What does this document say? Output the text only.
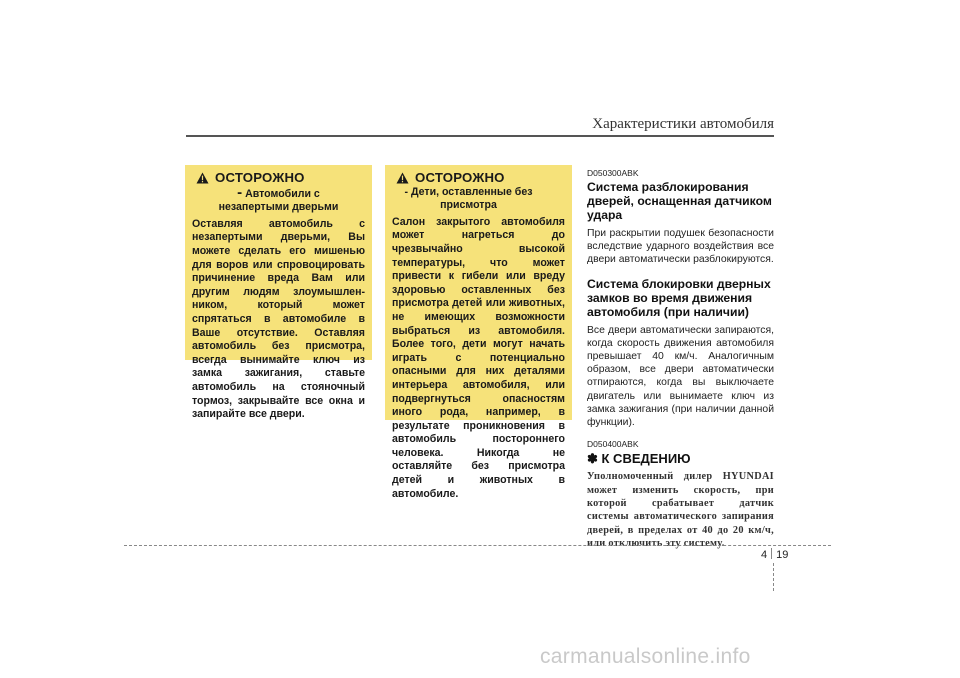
Характеристики автомобиля
ОСТОРОЖНО
- Автомобили с незапертыми дверьми
Оставляя автомобиль с незапертыми дверьми, Вы можете сделать его мишенью для воров или спровоцировать причинение вреда Вам или другим людям злоумышлен-ником, который может спрятаться в автомобиле в Ваше отсутствие. Оставляя автомобиль без присмотра, всегда вынимайте ключ из замка зажигания, ставьте автомобиль на стояночный тормоз, закрывайте все окна и запирайте все двери.
ОСТОРОЖНО
- Дети, оставленные без присмотра
Салон закрытого автомобиля может нагреться до чрезвычайно высокой температуры, что может привести к гибели или вреду здоровью оставленных без присмотра детей или животных, не имеющих возможности выбраться из автомобиля. Более того, дети могут начать играть с потенциально опасными для них деталями интерьера автомобиля, или подвергнуться опасностям иного рода, например, в результате проникновения в автомобиль постороннего человека. Никогда не оставляйте без присмотра детей и животных в автомобиле.
D050300ABK
Система разблокирования дверей, оснащенная датчиком удара
При раскрытии подушек безопасности вследствие ударного воздействия все двери автоматически разблокируются.
Система блокировки дверных замков во время движения автомобиля (при наличии)
Все двери автоматически запираются, когда скорость движения автомобиля превышает 40 км/ч. Аналогичным образом, все двери автоматически отпираются, когда вы выключаете двигатель или вынимаете ключ из замка зажигания (при наличии данной функции).
D050400ABK
✽ К СВЕДЕНИЮ
Уполномоченный дилер HYUNDAI может изменить скорость, при которой срабатывает датчик системы автоматического запирания дверей, в пределах от 40 до 20 км/ч, или отключить эту систему.
4 19
carmanualsonline.info
